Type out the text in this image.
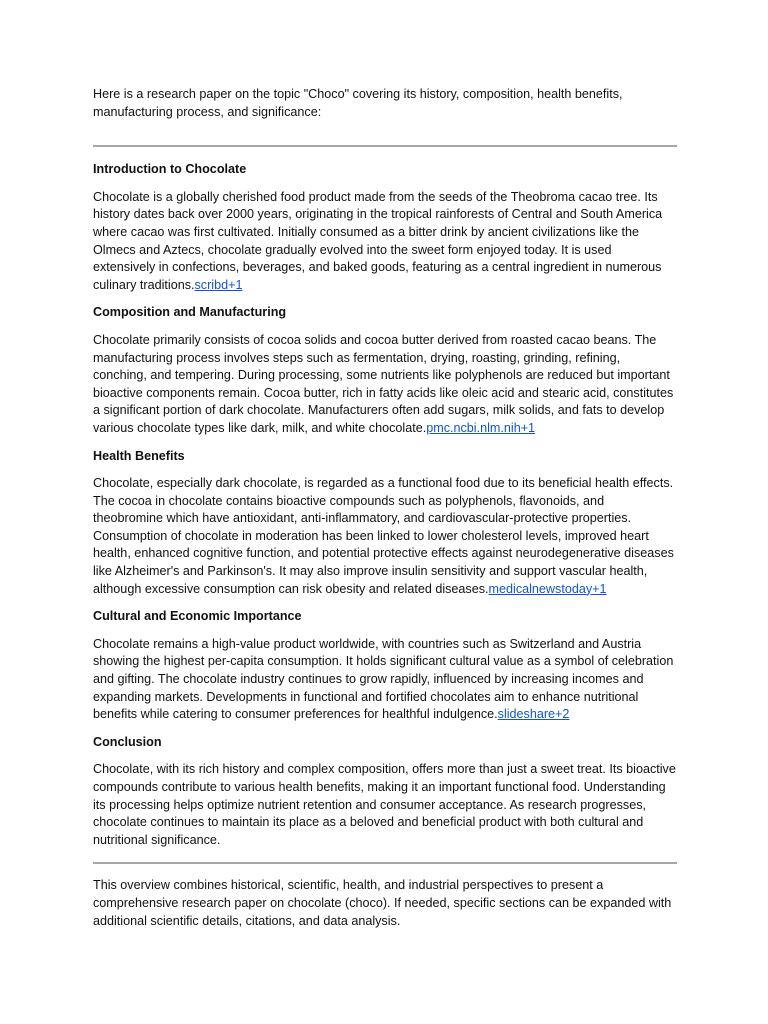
Here is a research paper on the topic "Choco" covering its history, composition, health benefits, manufacturing process, and significance:

Introduction to Chocolate

Chocolate is a globally cherished food product made from the seeds of the Theobroma cacao tree. Its history dates back over 2000 years, originating in the tropical rainforests of Central and South America where cacao was first cultivated. Initially consumed as a bitter drink by ancient civilizations like the Olmecs and Aztecs, chocolate gradually evolved into the sweet form enjoyed today. It is used extensively in confections, beverages, and baked goods, featuring as a central ingredient in numerous culinary traditions.scribd+1

Composition and Manufacturing

Chocolate primarily consists of cocoa solids and cocoa butter derived from roasted cacao beans. The manufacturing process involves steps such as fermentation, drying, roasting, grinding, refining, conching, and tempering. During processing, some nutrients like polyphenols are reduced but important bioactive components remain. Cocoa butter, rich in fatty acids like oleic acid and stearic acid, constitutes a significant portion of dark chocolate. Manufacturers often add sugars, milk solids, and fats to develop various chocolate types like dark, milk, and white chocolate.pmc.ncbi.nlm.nih+1

Health Benefits

Chocolate, especially dark chocolate, is regarded as a functional food due to its beneficial health effects. The cocoa in chocolate contains bioactive compounds such as polyphenols, flavonoids, and theobromine which have antioxidant, anti-inflammatory, and cardiovascular-protective properties. Consumption of chocolate in moderation has been linked to lower cholesterol levels, improved heart health, enhanced cognitive function, and potential protective effects against neurodegenerative diseases like Alzheimer's and Parkinson's. It may also improve insulin sensitivity and support vascular health, although excessive consumption can risk obesity and related diseases.medicalnewstoday+1

Cultural and Economic Importance

Chocolate remains a high-value product worldwide, with countries such as Switzerland and Austria showing the highest per-capita consumption. It holds significant cultural value as a symbol of celebration and gifting. The chocolate industry continues to grow rapidly, influenced by increasing incomes and expanding markets. Developments in functional and fortified chocolates aim to enhance nutritional benefits while catering to consumer preferences for healthful indulgence.slideshare+2

Conclusion

Chocolate, with its rich history and complex composition, offers more than just a sweet treat. Its bioactive compounds contribute to various health benefits, making it an important functional food. Understanding its processing helps optimize nutrient retention and consumer acceptance. As research progresses, chocolate continues to maintain its place as a beloved and beneficial product with both cultural and nutritional significance.

This overview combines historical, scientific, health, and industrial perspectives to present a comprehensive research paper on chocolate (choco). If needed, specific sections can be expanded with additional scientific details, citations, and data analysis.
